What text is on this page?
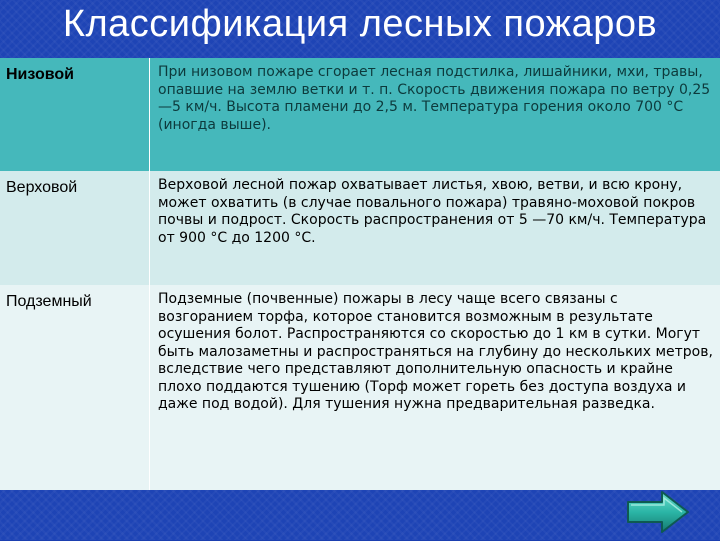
Классификация лесных пожаров
Низовой	При низовом пожаре сгорает лесная подстилка, лишайники, мхи, травы, опавшие на землю ветки и т. п. Скорость движения пожара по ветру 0,25—5 км/ч. Высота пламени до 2,5 м. Температура горения около 700 °С (иногда выше).
Верховой	Верховой лесной пожар охватывает листья, хвою, ветви, и всю крону, может охватить (в случае повального пожара) травяно-моховой покров почвы и подрост. Скорость распространения от 5 —70 км/ч. Температура от 900 °С до 1200 °С.
Подземный	Подземные (почвенные) пожары в лесу чаще всего связаны с возгоранием торфа, которое становится возможным в результате осушения болот. Распространяются со скоростью до 1 км в сутки. Могут быть малозаметны и распространяться на глубину до нескольких метров, вследствие чего представляют дополнительную опасность и крайне плохо поддаются тушению (Торф может гореть без доступа воздуха и даже под водой). Для тушения нужна предварительная разведка.
